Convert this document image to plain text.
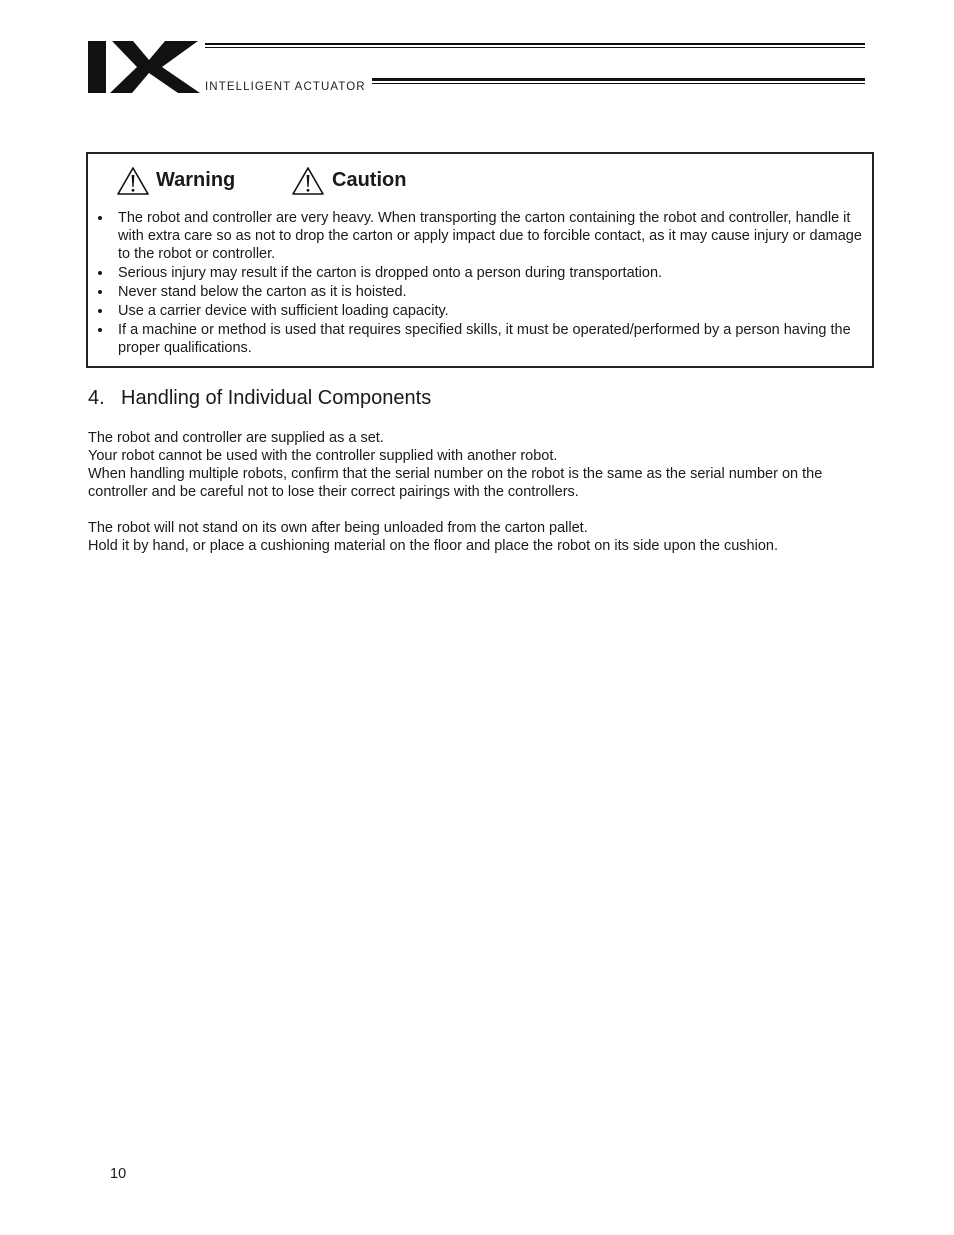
INTELLIGENT ACTUATOR
Warning	Caution
The robot and controller are very heavy. When transporting the carton containing the robot and controller, handle it with extra care so as not to drop the carton or apply impact due to forcible contact, as it may cause injury or damage to the robot or controller.
Serious injury may result if the carton is dropped onto a person during transportation.
Never stand below the carton as it is hoisted.
Use a carrier device with sufficient loading capacity.
If a machine or method is used that requires specified skills, it must be operated/performed by a person having the proper qualifications.
4. Handling of Individual Components

The robot and controller are supplied as a set.

Your robot cannot be used with the controller supplied with another robot.

When handling multiple robots, confirm that the serial number on the robot is the same as the serial number on the controller and be careful not to lose their correct pairings with the controllers.

The robot will not stand on its own after being unloaded from the carton pallet.

Hold it by hand, or place a cushioning material on the floor and place the robot on its side upon the cushion.

10
